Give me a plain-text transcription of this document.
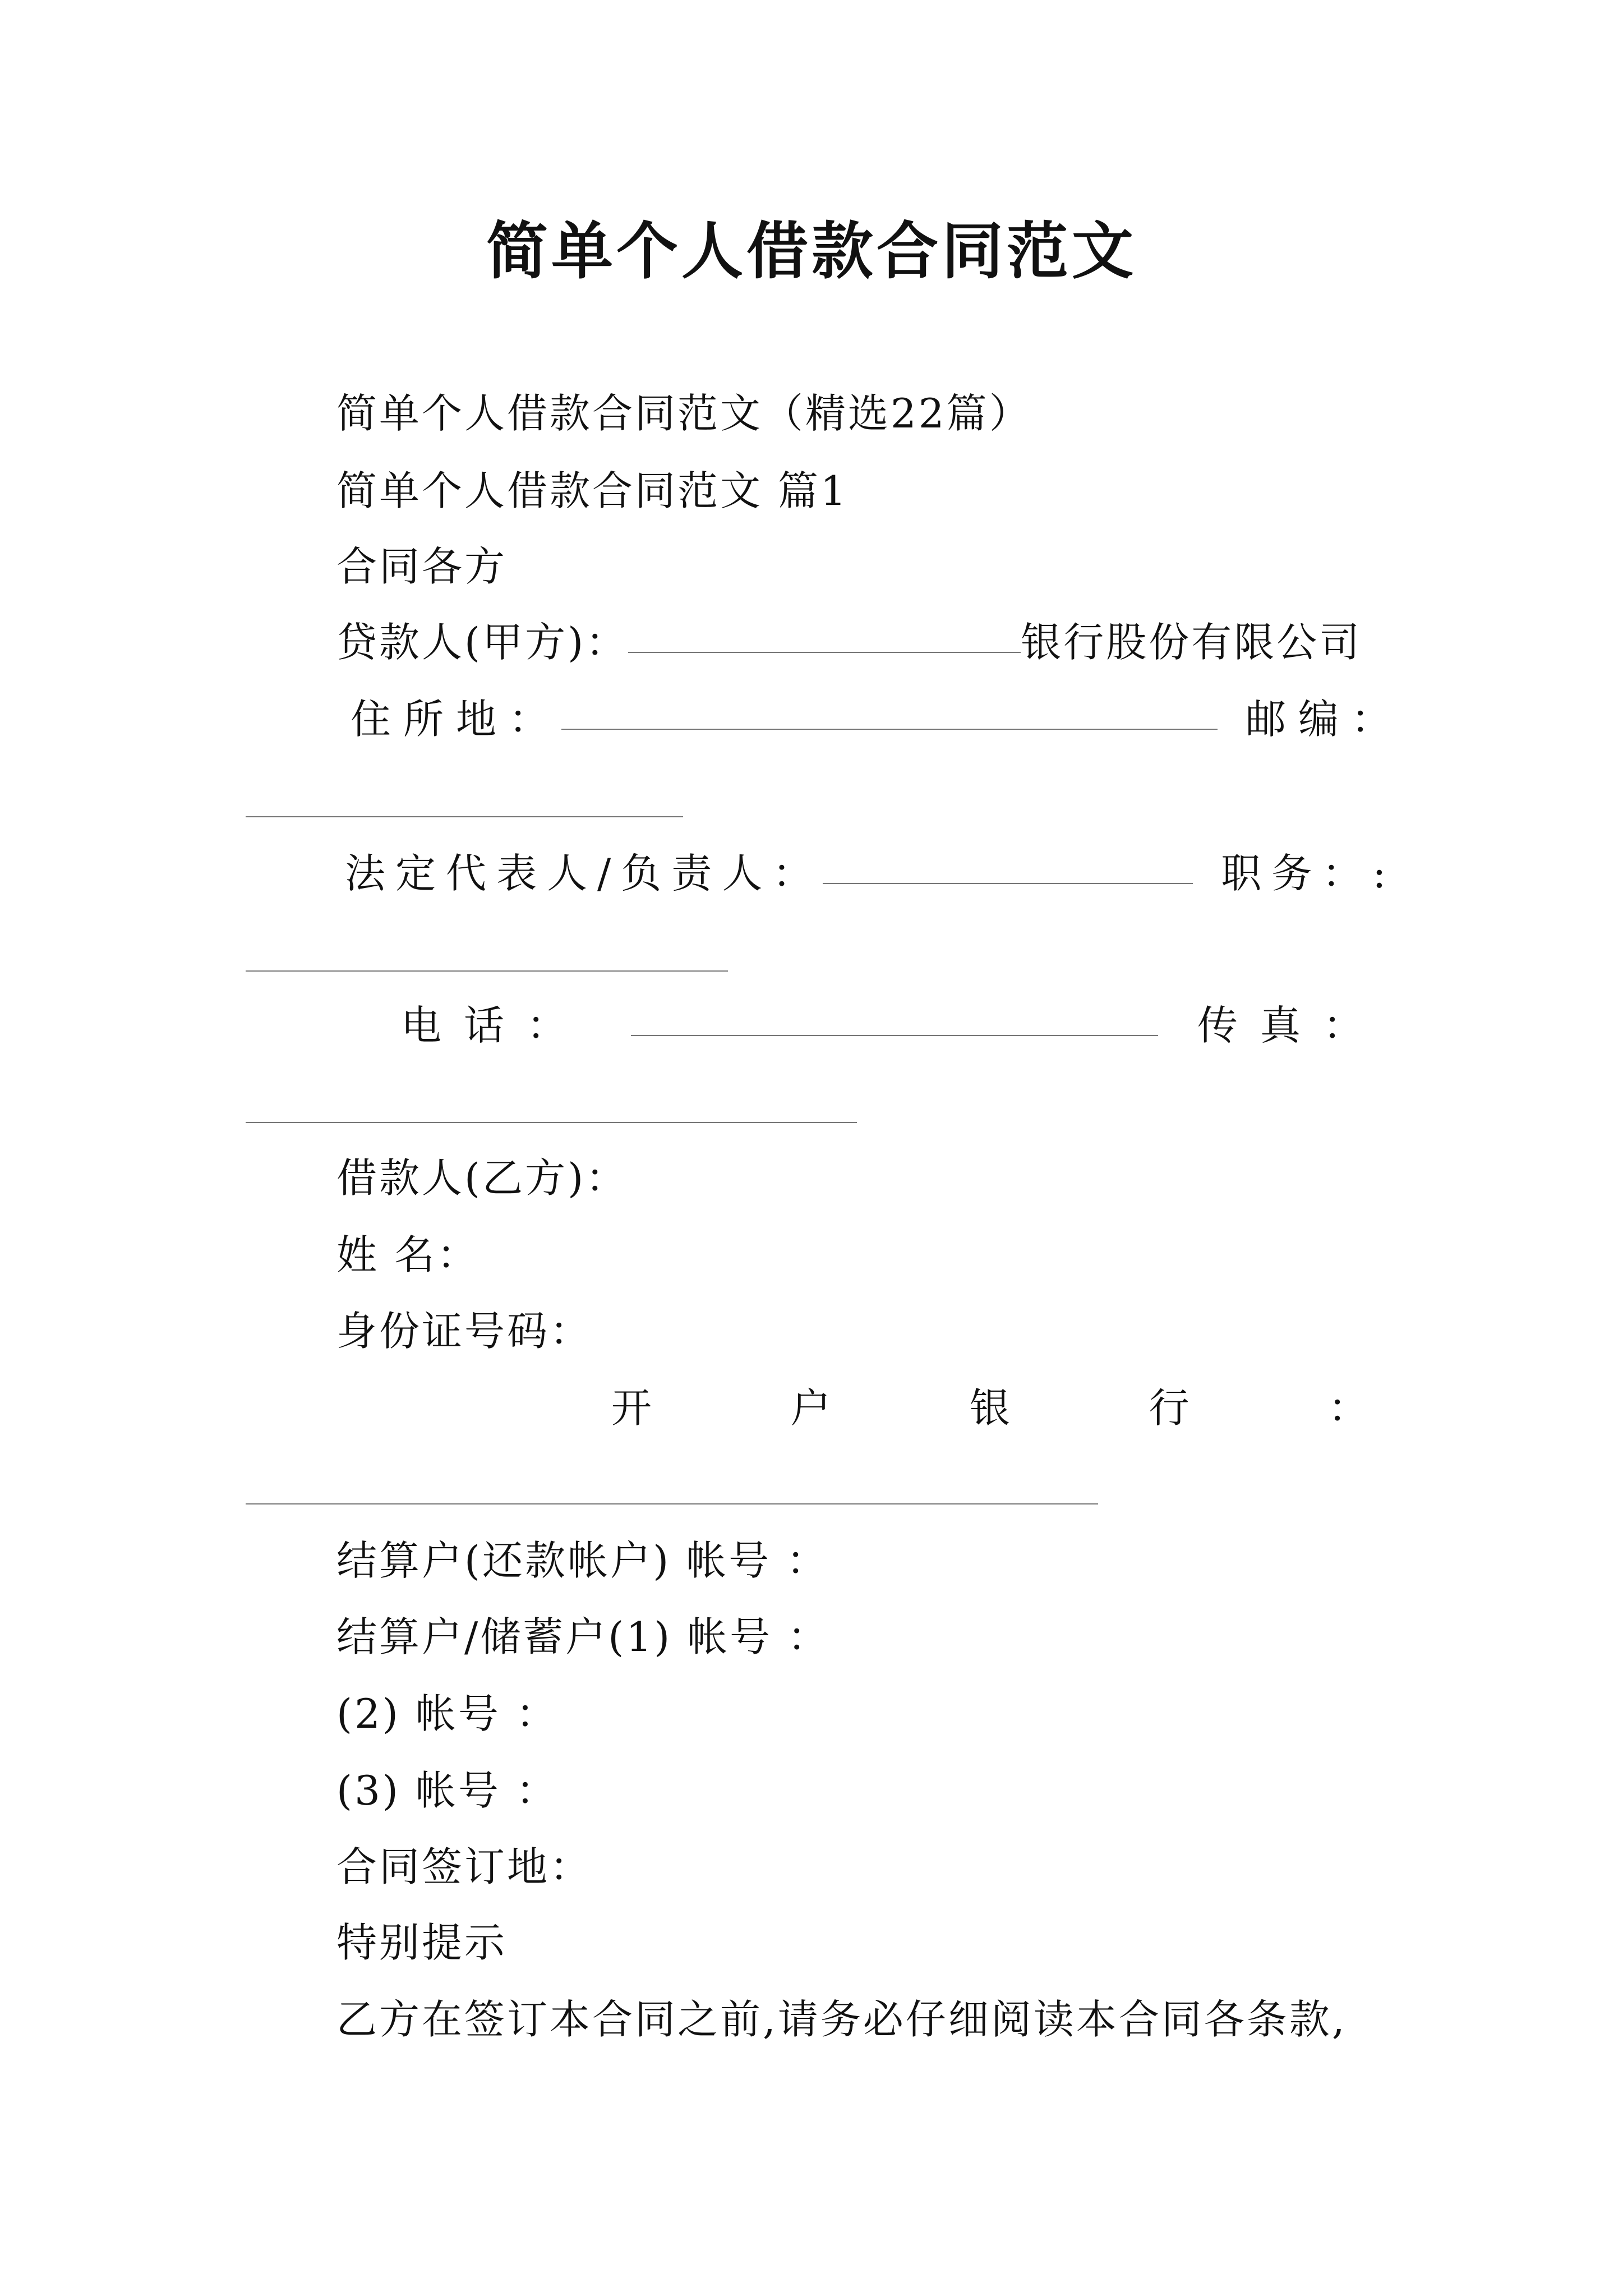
简单个人借款合同范文
简单个人借款合同范文（精选22篇）
简单个人借款合同范文 篇1
合同各方
贷款人(甲方)：	银行股份有限公司
住所地：	邮编：
法定代表人/负责人：	职务：:
电 话 ：	传 真 ：
借款人(乙方)：
姓 名：
身份证号码：
开	户	银	行	：
结算户(还款帐户) 帐号 ：
结算户/储蓄户(1) 帐号 ：
(2) 帐号 ：
(3) 帐号 ：
合同签订地：
特别提示
乙方在签订本合同之前,请务必仔细阅读本合同各条款,
